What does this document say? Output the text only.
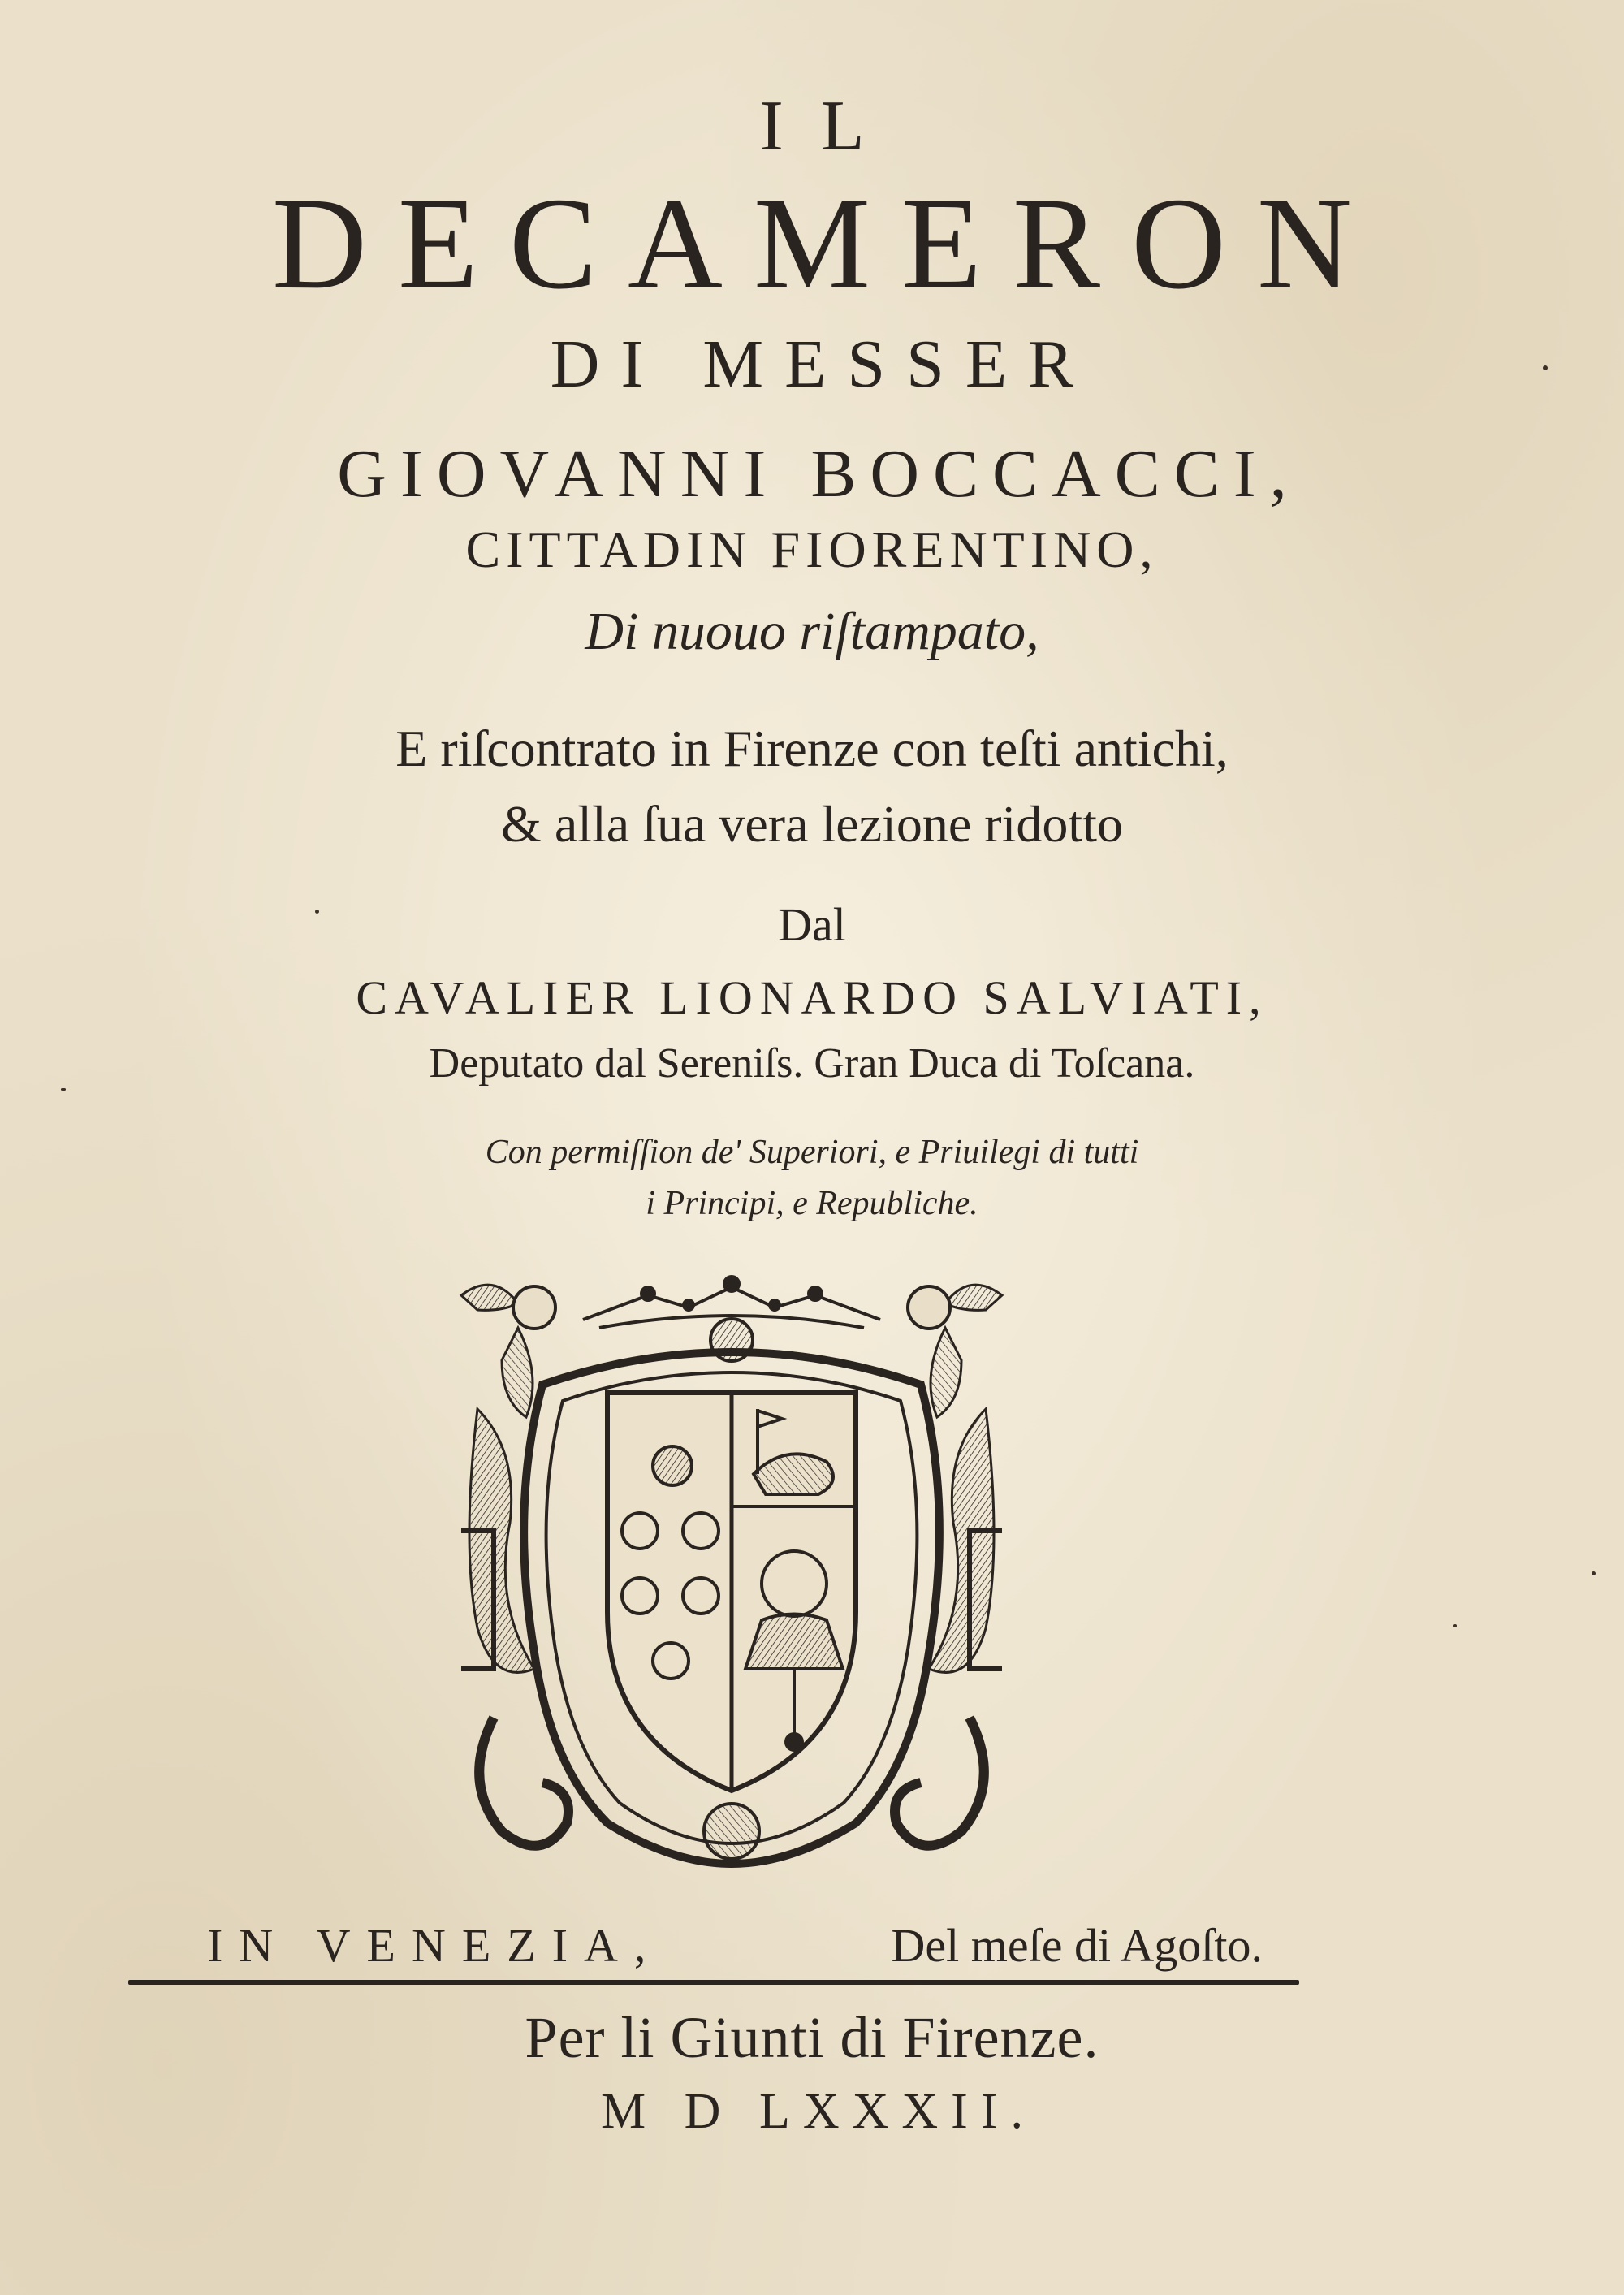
IL

DECAMERON

DI MESSER

GIOVANNI BOCCACCI,

CITTADIN FIORENTINO,

Di nuouo riſtampato,

E riſcontrato in Firenze con teſti antichi,

& alla ſua vera lezione ridotto

Dal

CAVALIER LIONARDO SALVIATI,

Deputato dal Sereniſs. Gran Duca di Toſcana.

Con permiſſion de' Superiori, e Priuilegi di tutti

i Principi, e Republiche.

IN VENEZIA,	Del meſe di Agoſto.

Per li Giunti di Firenze.

M D LXXXII.
